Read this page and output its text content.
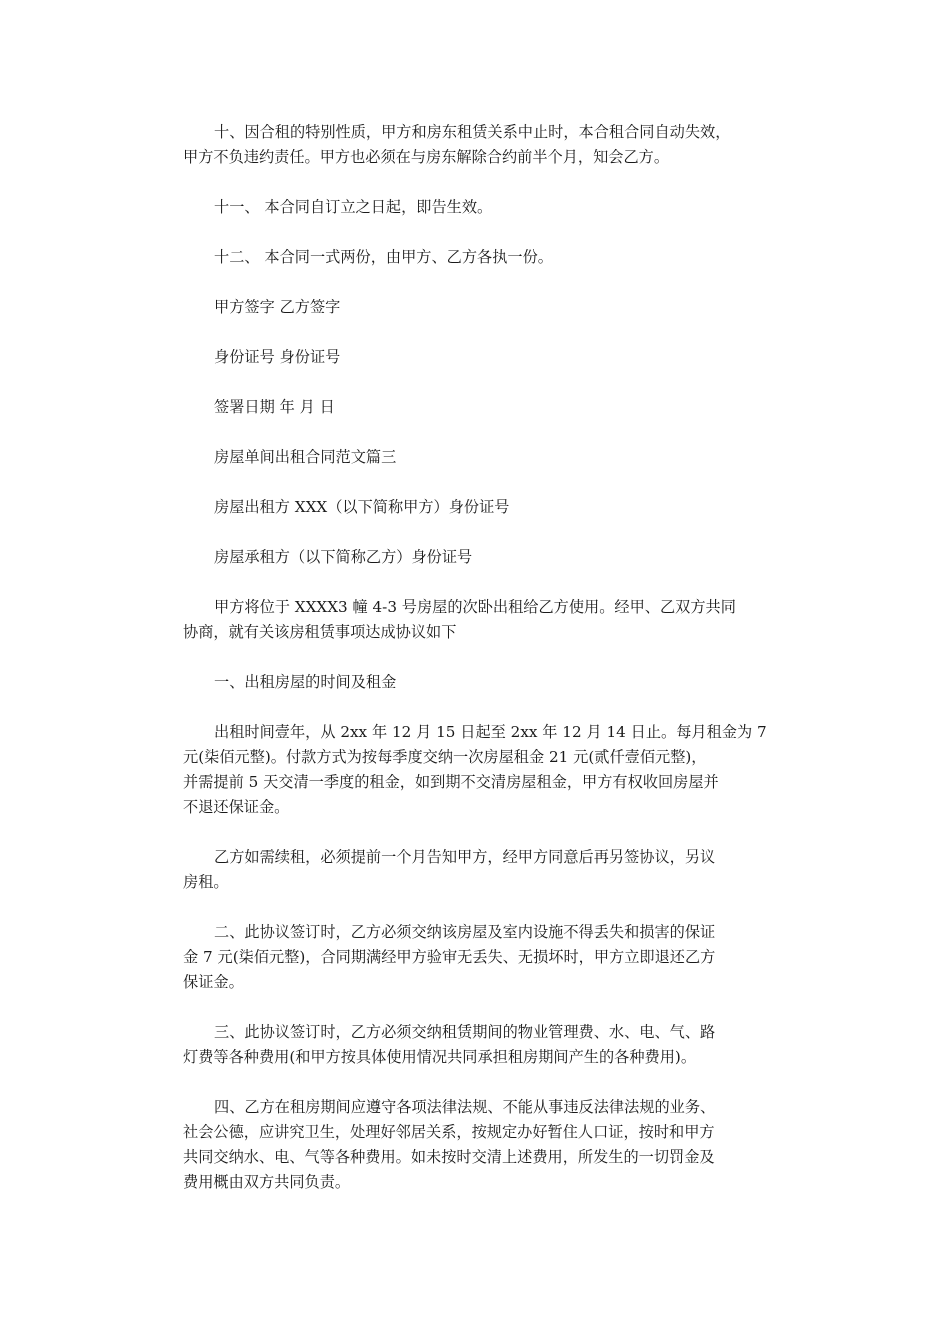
十、因合租的特别性质，甲方和房东租赁关系中止时，本合租合同自动失效，

甲方不负违约责任。甲方也必须在与房东解除合约前半个月，知会乙方。

十一、 本合同自订立之日起，即告生效。

十二、 本合同一式两份，由甲方、乙方各执一份。

甲方签字 乙方签字

身份证号 身份证号

签署日期 年 月 日

房屋单间出租合同范文篇三

房屋出租方 XXX（以下简称甲方）身份证号

房屋承租方（以下简称乙方）身份证号

甲方将位于 XXXX3 幢 4-3 号房屋的次卧出租给乙方使用。经甲、乙双方共同

协商，就有关该房租赁事项达成协议如下

一、出租房屋的时间及租金

出租时间壹年，从 2xx 年 12 月 15 日起至 2xx 年 12 月 14 日止。每月租金为 7

元(柒佰元整)。付款方式为按每季度交纳一次房屋租金 21 元(贰仟壹佰元整)，

并需提前 5 天交清一季度的租金，如到期不交清房屋租金，甲方有权收回房屋并

不退还保证金。

乙方如需续租，必须提前一个月告知甲方，经甲方同意后再另签协议，另议

房租。

二、此协议签订时，乙方必须交纳该房屋及室内设施不得丢失和损害的保证

金 7 元(柒佰元整)，合同期满经甲方验审无丢失、无损坏时，甲方立即退还乙方

保证金。

三、此协议签订时，乙方必须交纳租赁期间的物业管理费、水、电、气、路

灯费等各种费用(和甲方按具体使用情况共同承担租房期间产生的各种费用)。

四、乙方在租房期间应遵守各项法律法规、不能从事违反法律法规的业务、

社会公德，应讲究卫生，处理好邻居关系，按规定办好暂住人口证，按时和甲方

共同交纳水、电、气等各种费用。如未按时交清上述费用，所发生的一切罚金及

费用概由双方共同负责。
